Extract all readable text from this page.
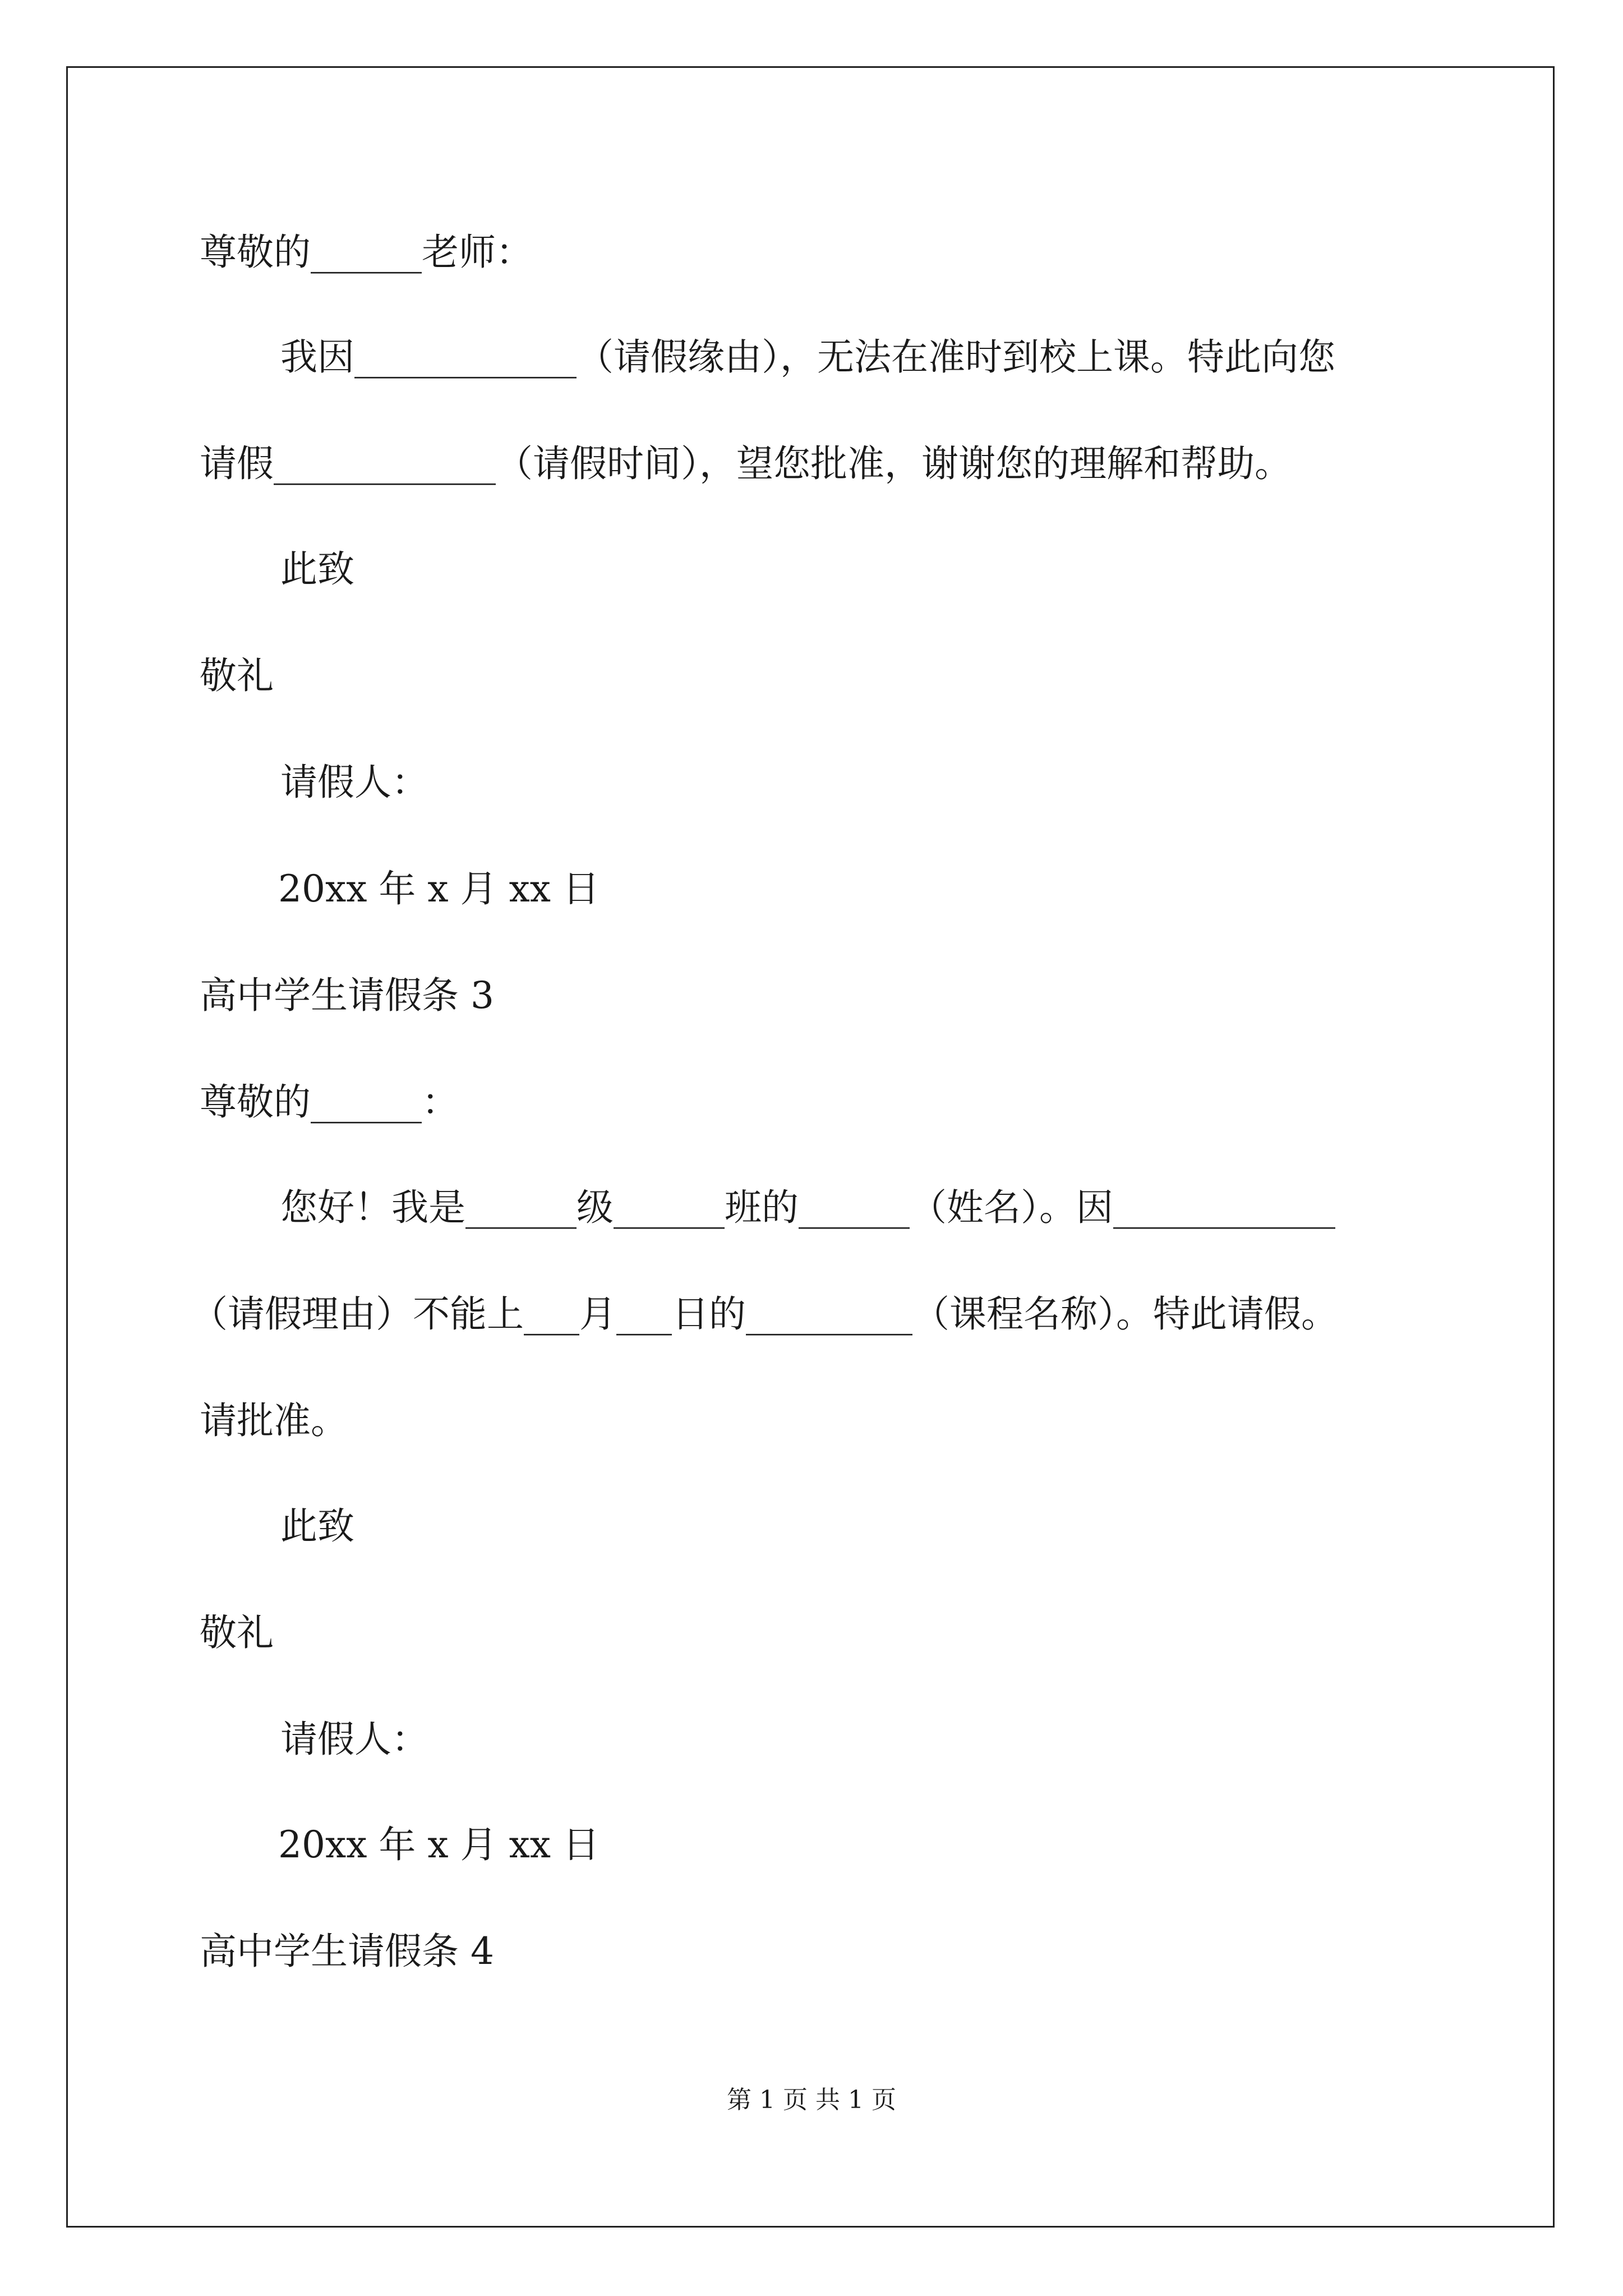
尊敬的______老师：
我因____________（请假缘由），无法在准时到校上课。特此向您
请假____________（请假时间），望您批准，谢谢您的理解和帮助。
此致
敬礼
请假人：
20xx 年 x 月 xx 日
高中学生请假条 3
尊敬的______：
您好！我是______级______班的______（姓名）。因____________
（请假理由）不能上___月___日的_________（课程名称）。特此请假。
请批准。
此致
敬礼
请假人：
20xx 年 x 月 xx 日
高中学生请假条 4
第 1 页 共 1 页
